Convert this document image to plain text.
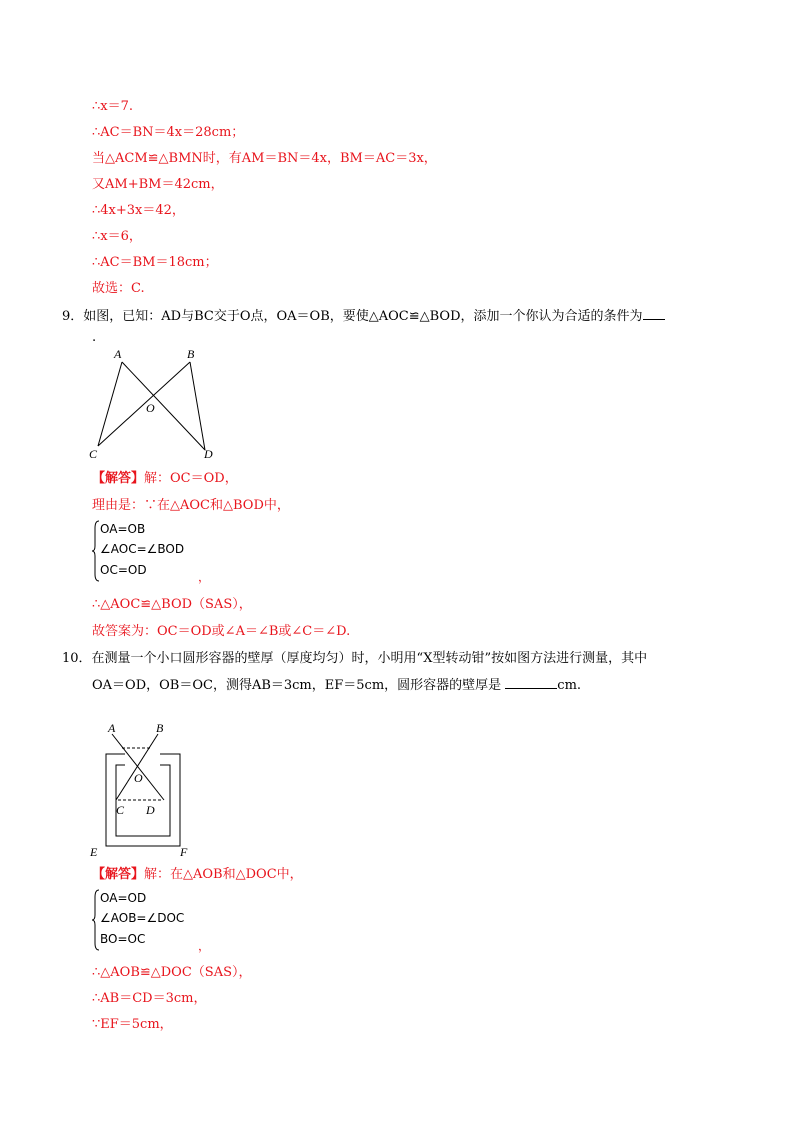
∴x＝7.
∴AC＝BN＝4x＝28cm；
当△ACM≌△BMN时，有AM＝BN＝4x，BM＝AC＝3x，
又AM+BM＝42cm，
∴4x+3x＝42，
∴x＝6，
∴AC＝BM＝18cm；
故选：C.
9．如图，已知：AD与BC交于O点，OA＝OB，要使△AOC≌△BOD，添加一个你认为合适的条件为
.
A	B
O
C	D
【解答】解：OC＝OD，
理由是：∵在△AOC和△BOD中，
OA=OB
∠AOC=∠BOD
OC=OD	，
∴△AOC≌△BOD（SAS），
故答案为：OC＝OD或∠A＝∠B或∠C＝∠D.
10．在测量一个小口圆形容器的壁厚（厚度均匀）时，小明用“X型转动钳”按如图方法进行测量，其中
OA＝OD，OB＝OC，测得AB＝3cm，EF＝5cm，圆形容器的壁厚是	cm.
A	B
O
C D
E	F
【解答】解：在△AOB和△DOC中，
OA=OD
∠AOB=∠DOC
BO=OC	，
∴△AOB≌△DOC（SAS），
∴AB＝CD＝3cm，
∵EF＝5cm，
